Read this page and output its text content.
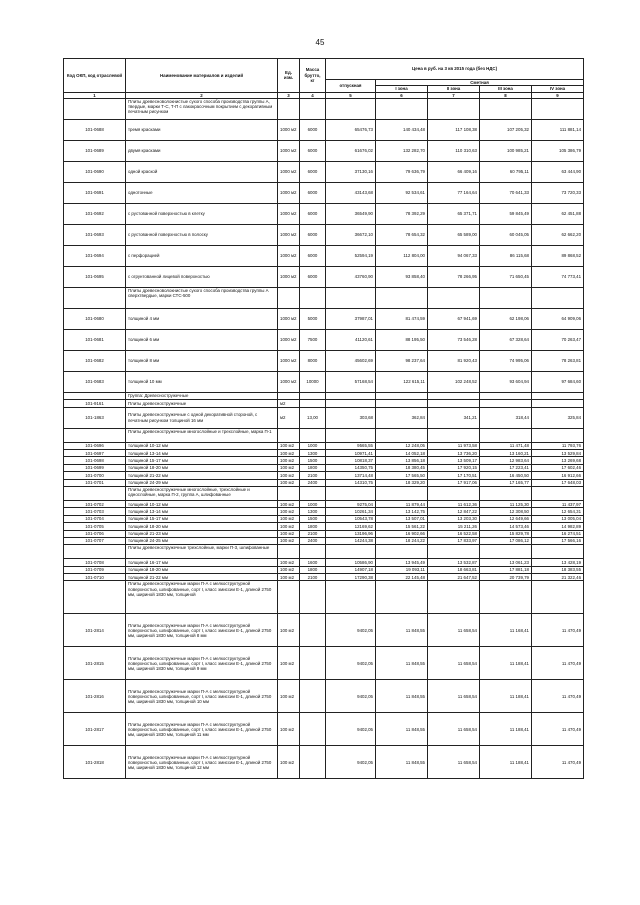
45
Код ОКП, код отраслевой	Наименование материалов и изделий	Ед. изм.	Масса брутто, кг	Цена в руб. на 3 кв 2015 года (без НДС)				
				отпускная	Сметная			
					I зона	II зона	III зона	IV зона
1	2	3	4	5	6	7	8	9
	Плиты древесноволокнистые сухого способа производства группы А, твердые, марки Т-С, Т-П с лакокрасочным покрытием с декоративным печатным рисунком							
101-0688	тремя красками	1000 м2	6000	65476,73	140 434,48	117 108,38	107 205,32	111 881,14
101-0689	двумя красками	1000 м2	6000	61676,02	132 282,70	110 310,63	100 985,21	105 386,79
101-0690	одной краской	1000 м2	6000	37130,16	79 636,79	66 409,16	60 795,11	63 444,90
101-0691	однотонные	1000 м2	6000	43143,68	92 534,61	77 164,64	70 641,33	73 720,33
101-0692	с рустованной поверхностью в клетку	1000 м2	6000	36549,90	78 392,29	65 371,71	59 845,49	62 451,88
101-0693	с рустованной поверхностью в полоску	1000 м2	6000	36672,10	78 654,32	65 589,00	60 045,05	62 662,20
101-0694	с перфорацией	1000 м2	6000	52594,19	112 804,00	94 067,33	86 115,68	89 868,52
101-0695	с огрунтованной лицевой поверхностью	1000 м2	6000	43760,90	93 858,40	78 266,95	71 650,45	74 773,41
	Плиты древесноволокнистые сухого способа производства группы А сверхтвердые, марки СТС-500							
101-0680	толщиной 4 мм	1000 м2	5000	37987,01	81 474,59	67 941,69	62 198,06	64 909,06
101-0681	толщиной 6 мм	1000 м2	7500	41120,61	88 195,50	73 546,28	67 328,64	70 263,47
101-0682	толщиной 8 мм	1000 м2	8000	45602,69	98 237,64	81 920,43	74 995,06	78 263,81
101-0683	толщиной 10 мм	1000 м2	10000	57168,54	122 615,11	102 248,52	93 604,94	97 684,60
	Группа: Древесностружечные							
101-9161	Плиты древесностружечные	м2						
101-1863	Плиты древесностружечные с одной декоративной стороной, с печатным рисунком толщиной 16 мм	м2	13,00	303,68	362,84	341,21	318,44	325,84
	Плиты древесностружечные многослойные и трехслойные, марка П-1							
101-0696	толщиной 10-12 мм	100 м2	1000	9565,55	12 248,05	11 973,58	11 471,48	11 793,76
101-0697	толщиной 13-14 мм	100 м2	1300	10971,41	14 052,18	13 736,20	13 160,21	13 529,84
101-0698	толщиной 15-17 мм	100 м2	1500	10818,37	13 856,18	13 509,17	12 983,64	13 269,68
101-0699	толщиной 18-20 мм	100 м2	1800	14350,75	18 380,45	17 920,15	17 223,41	17 602,46
101-0700	толщиной 21-22 мм	100 м2	2100	13714,48	17 565,50	17 170,51	16 450,50	16 912,66
101-0701	толщиной 24-29 мм	100 м2	2400	14310,75	18 329,20	17 917,06	17 165,77	17 648,03
	Плиты древесностружечные многослойные, трехслойные и однослойные, марка П-2, группа А, шлифованные							
101-0702	толщиной 10-12 мм	100 м2	1000	9275,04	11 879,44	11 612,36	11 125,30	11 437,97
101-0703	толщиной 13-14 мм	100 м2	1300	10261,34	13 142,75	12 847,22	12 308,50	12 654,31
101-0704	толщиной 15-17 мм	100 м2	1500	10543,78	13 507,01	13 203,30	12 649,66	13 005,04
101-0705	толщиной 18-20 мм	100 м2	1800	12169,62	15 561,22	15 211,26	14 573,46	14 982,89
101-0706	толщиной 21-23 мм	100 м2	2100	13196,96	16 902,66	16 522,58	15 829,78	16 274,51
101-0707	толщиной 24-25 мм	100 м2	2400	14244,38	18 244,22	17 833,97	17 086,12	17 566,16
	Плиты древесностружечные трехслойные, марки П-3, шлифованные							
101-0708	толщиной 16-17 мм	100 м2	1600	10586,90	13 945,49	13 532,87	13 061,23	13 428,19
101-0709	толщиной 18-20 мм	100 м2	1800	14907,18	19 093,11	18 663,81	17 881,18	18 383,55
101-0710	толщиной 21-22 мм	100 м2	2100	17290,38	22 145,48	21 647,52	20 739,79	21 322,46
	Плиты древесностружечные марки П-А с мелкоструктурной поверхностью, шлифованные, сорт I, класс эмиссии Е-1, длиной 2750 мм, шириной 1830 мм, толщиной							
101-2814	Плиты древесностружечные марки П-А с мелкоструктурной поверхностью, шлифованные, сорт I, класс эмиссии Е-1, длиной 2750 мм, шириной 1830 мм, толщиной 8 мм	100 м2		9402,05	11 848,55	11 658,54	11 168,41	11 470,49
101-2815	Плиты древесностружечные марки П-А с мелкоструктурной поверхностью, шлифованные, сорт I, класс эмиссии Е-1, длиной 2750 мм, шириной 1830 мм, толщиной 9 мм	100 м2		9402,05	11 848,55	11 658,54	11 188,41	11 470,49
101-2816	Плиты древесностружечные марки П-А с мелкоструктурной поверхностью, шлифованные, сорт I, класс эмиссии Е-1, длиной 2750 мм, шириной 1830 мм, толщиной 10 мм	100 м2		9402,05	11 848,55	11 658,54	11 188,41	11 470,49
101-2817	Плиты древесностружечные марки П-А с мелкоструктурной поверхностью, шлифованные, сорт I, класс эмиссии Е-1, длиной 2750 мм, шириной 1830 мм, толщиной 11 мм	100 м2		9402,05	11 848,55	11 658,54	11 188,41	11 470,49
101-2818	Плиты древесностружечные марки П-А с мелкоструктурной поверхностью, шлифованные, сорт I, класс эмиссии Е-1, длиной 2750 мм, шириной 1830 мм, толщиной 12 мм	100 м2		9402,05	11 848,55	11 658,54	11 188,41	11 470,49
